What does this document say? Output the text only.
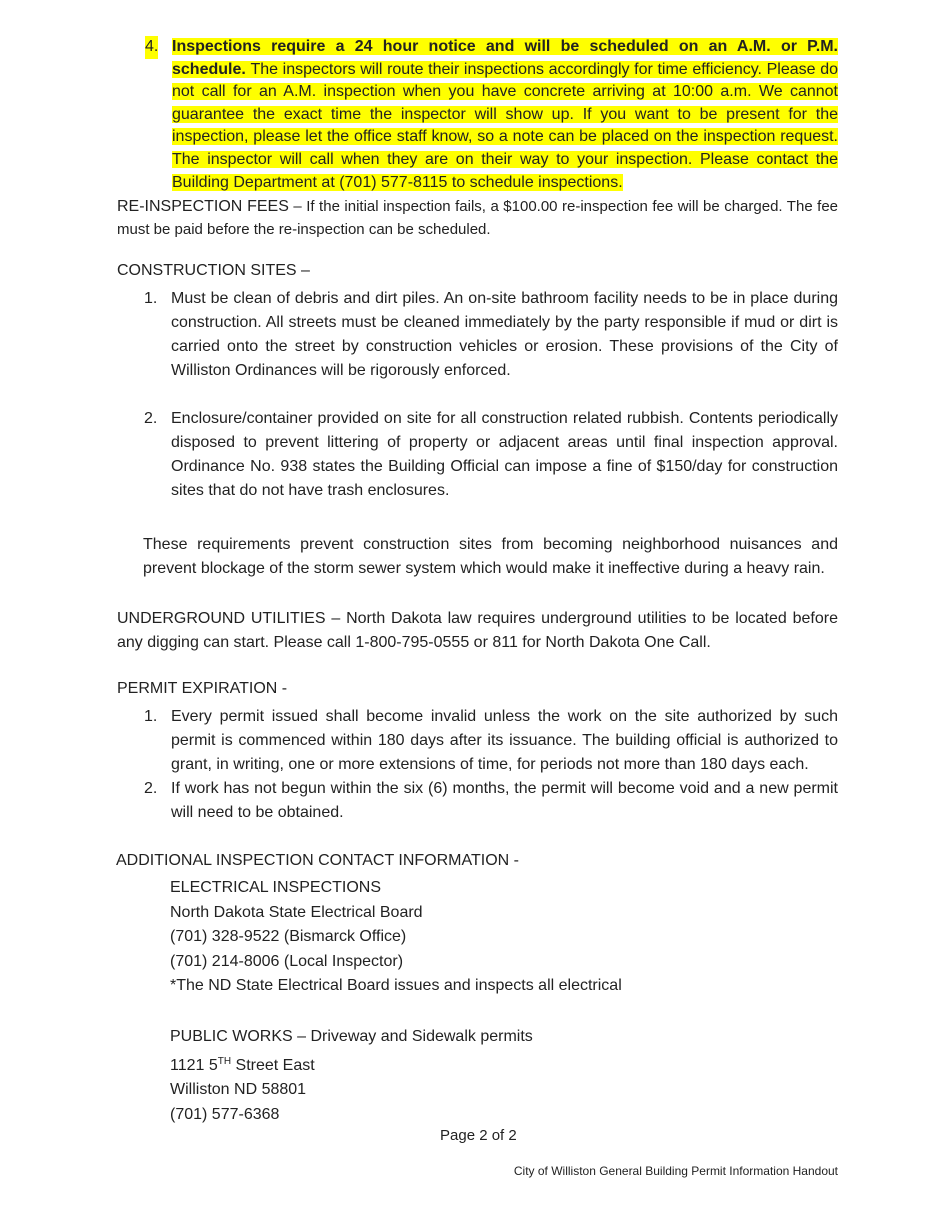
4. Inspections require a 24 hour notice and will be scheduled on an A.M. or P.M. schedule. The inspectors will route their inspections accordingly for time efficiency. Please do not call for an A.M. inspection when you have concrete arriving at 10:00 a.m. We cannot guarantee the exact time the inspector will show up. If you want to be present for the inspection, please let the office staff know, so a note can be placed on the inspection request. The inspector will call when they are on their way to your inspection. Please contact the Building Department at (701) 577-8115 to schedule inspections.

RE-INSPECTION FEES – If the initial inspection fails, a $100.00 re-inspection fee will be charged. The fee must be paid before the re-inspection can be scheduled.

CONSTRUCTION SITES –

1. Must be clean of debris and dirt piles. An on-site bathroom facility needs to be in place during construction. All streets must be cleaned immediately by the party responsible if mud or dirt is carried onto the street by construction vehicles or erosion. These provisions of the City of Williston Ordinances will be rigorously enforced.
2. Enclosure/container provided on site for all construction related rubbish. Contents periodically disposed to prevent littering of property or adjacent areas until final inspection approval. Ordinance No. 938 states the Building Official can impose a fine of $150/day for construction sites that do not have trash enclosures.

These requirements prevent construction sites from becoming neighborhood nuisances and prevent blockage of the storm sewer system which would make it ineffective during a heavy rain.

UNDERGROUND UTILITIES – North Dakota law requires underground utilities to be located before any digging can start. Please call 1-800-795-0555 or 811 for North Dakota One Call.

PERMIT EXPIRATION -

1. Every permit issued shall become invalid unless the work on the site authorized by such permit is commenced within 180 days after its issuance. The building official is authorized to grant, in writing, one or more extensions of time, for periods not more than 180 days each.
2. If work has not begun within the six (6) months, the permit will become void and a new permit will need to be obtained.

ADDITIONAL INSPECTION CONTACT INFORMATION -

ELECTRICAL INSPECTIONS
North Dakota State Electrical Board
(701) 328-9522 (Bismarck Office)
(701) 214-8006 (Local Inspector)
*The ND State Electrical Board issues and inspects all electrical
PUBLIC WORKS – Driveway and Sidewalk permits
1121 5TH Street East
Williston ND 58801
(701) 577-6368
Page 2 of 2
City of Williston General Building Permit Information Handout
